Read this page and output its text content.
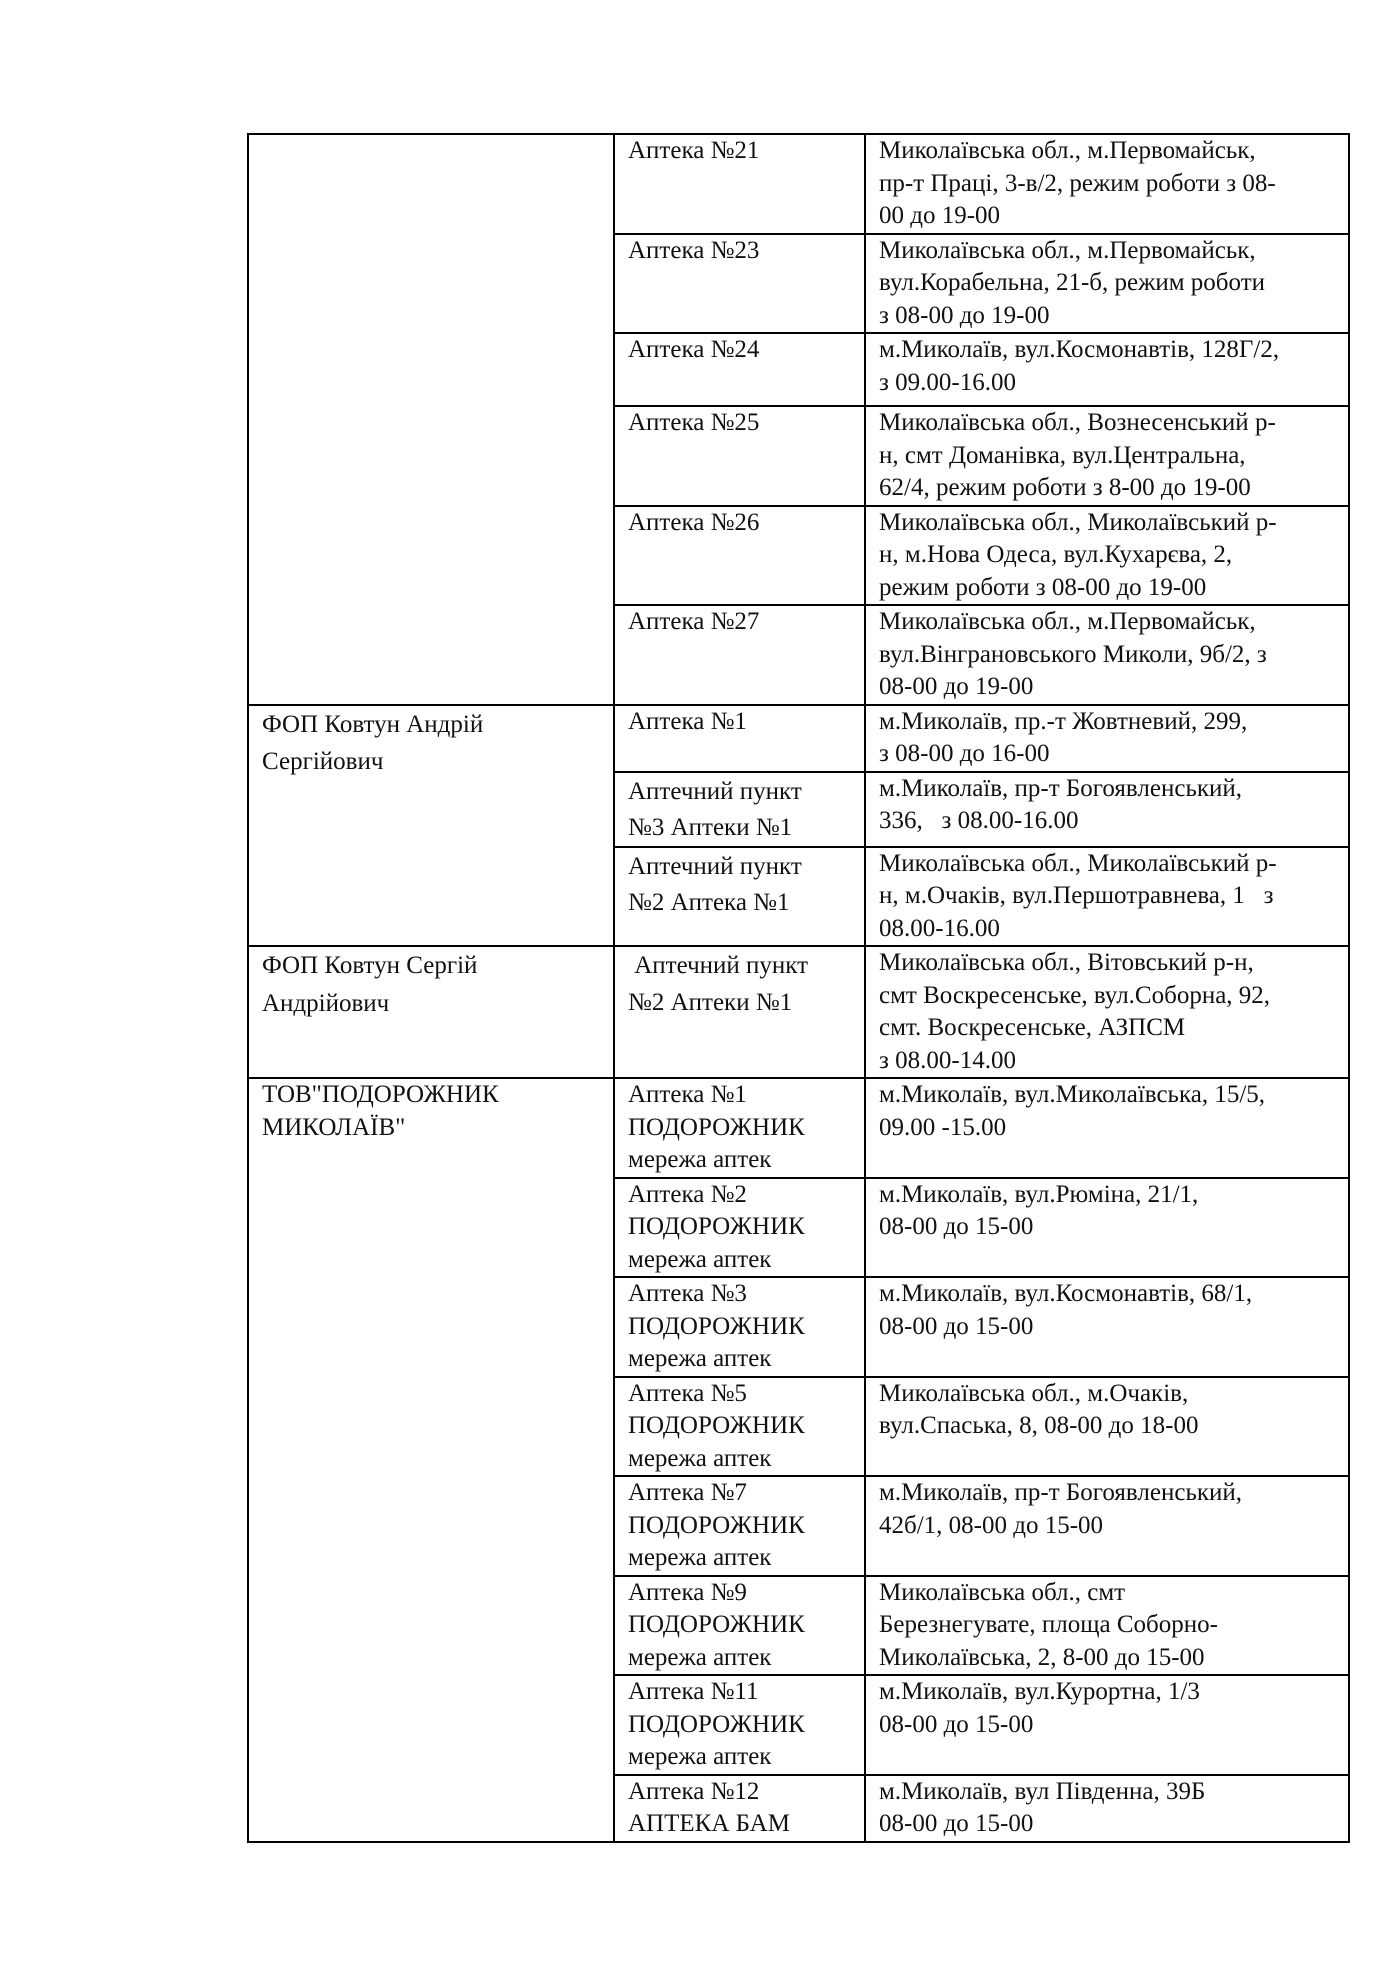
	Аптека №21	Миколаївська обл., м.Первомайськ,
пр-т Праці, 3-в/2, режим роботи з 08-
00 до 19-00

	Аптека №23	Миколаївська обл., м.Первомайськ,
вул.Корабельна, 21-б, режим роботи
з 08-00 до 19-00

	Аптека №24	м.Миколаїв, вул.Космонавтів, 128Г/2,
з 09.00-16.00

	Аптека №25	Миколаївська обл., Вознесенський р-
н, смт Доманівка, вул.Центральна,
62/4, режим роботи з 8-00 до 19-00

	Аптека №26	Миколаївська обл., Миколаївський р-
н, м.Нова Одеса, вул.Кухарєва, 2,
режим роботи з 08-00 до 19-00

	Аптека №27	Миколаївська обл., м.Первомайськ,
вул.Вінграновського Миколи, 9б/2, з
08-00 до 19-00

ФОП Ковтун Андрій
Сергійович	Аптека №1	м.Миколаїв, пр.-т Жовтневий, 299,
з 08-00 до 16-00

	Аптечний пункт
№3 Аптеки №1	м.Миколаїв, пр-т Богоявленський,
336,   з 08.00-16.00

	Аптечний пункт
№2 Аптека №1	Миколаївська обл., Миколаївський р-
н, м.Очаків, вул.Першотравнева, 1   з
08.00-16.00

ФОП Ковтун Сергій
Андрійович	Аптечний пункт
№2 Аптеки №1	Миколаївська обл., Вітовський р-н,
смт Воскресенське, вул.Соборна, 92,
смт. Воскресенське, АЗПСМ
з 08.00-14.00

ТОВ"ПОДОРОЖНИК
МИКОЛАЇВ"	Аптека №1
ПОДОРОЖНИК
мережа аптек	м.Миколаїв, вул.Миколаївська, 15/5,
09.00 -15.00

	Аптека №2
ПОДОРОЖНИК
мережа аптек	м.Миколаїв, вул.Рюміна, 21/1,
08-00 до 15-00

	Аптека №3
ПОДОРОЖНИК
мережа аптек	м.Миколаїв, вул.Космонавтів, 68/1,
08-00 до 15-00

	Аптека №5
ПОДОРОЖНИК
мережа аптек	Миколаївська обл., м.Очаків,
вул.Спаська, 8, 08-00 до 18-00

	Аптека №7
ПОДОРОЖНИК
мережа аптек	м.Миколаїв, пр-т Богоявленський,
42б/1, 08-00 до 15-00

	Аптека №9
ПОДОРОЖНИК
мережа аптек	Миколаївська обл., смт
Березнегувате, площа Соборно-
Миколаївська, 2, 8-00 до 15-00

	Аптека №11
ПОДОРОЖНИК
мережа аптек	м.Миколаїв, вул.Курортна, 1/3
08-00 до 15-00

	Аптека №12
АПТЕКА БАМ	м.Миколаїв, вул Південна, 39Б
08-00 до 15-00
